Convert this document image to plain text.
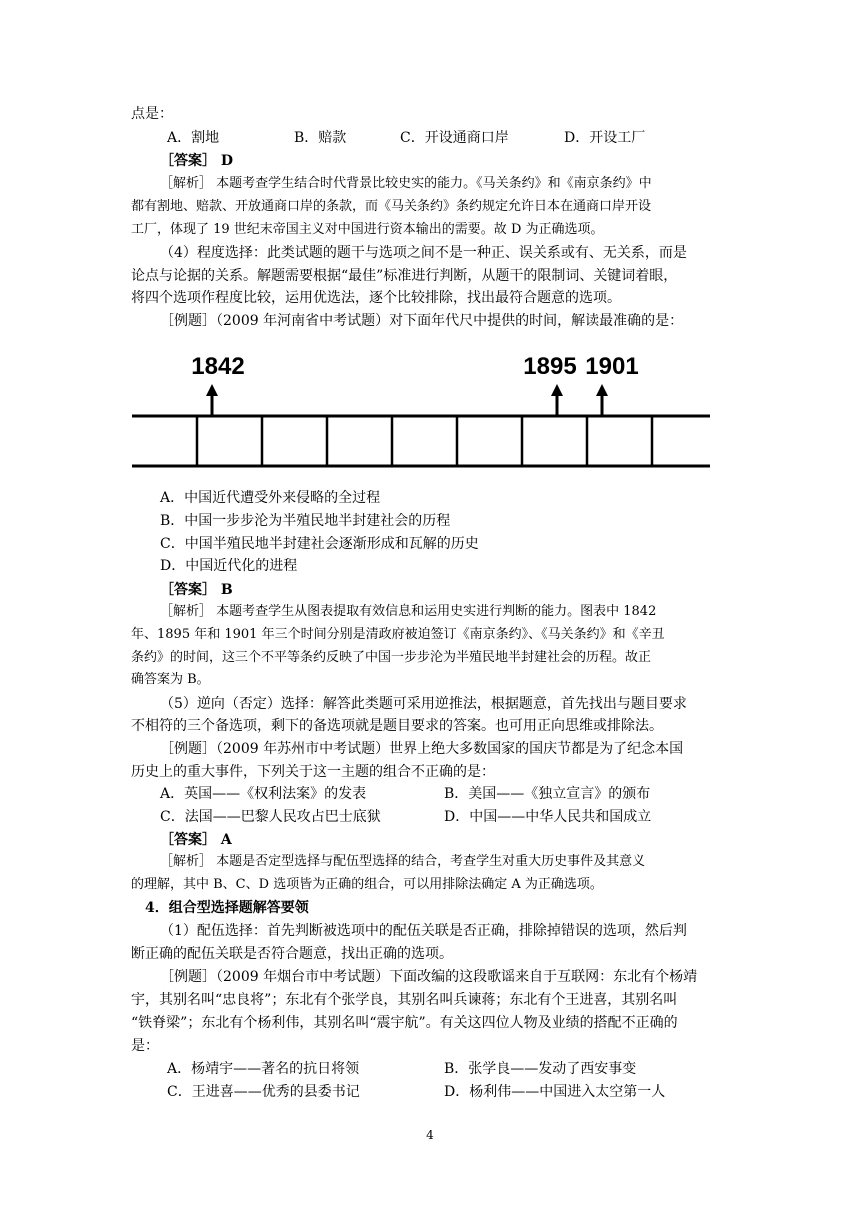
点是：
A．割地	B．赔款	C．开设通商口岸	D．开设工厂
［答案］ D
［解析］ 本题考查学生结合时代背景比较史实的能力。《马关条约》和《南京条约》中
都有割地、赔款、开放通商口岸的条款，而《马关条约》条约规定允许日本在通商口岸开设
工厂，体现了 19 世纪末帝国主义对中国进行资本输出的需要。故 D 为正确选项。
（4）程度选择：此类试题的题干与选项之间不是一种正、误关系或有、无关系，而是
论点与论据的关系。解题需要根据“最佳”标准进行判断，从题干的限制词、关键词着眼，
将四个选项作程度比较，运用优选法，逐个比较排除，找出最符合题意的选项。
［例题］（2009 年河南省中考试题）对下面年代尺中提供的时间，解读最准确的是：
1842	1895 1901
A．中国近代遭受外来侵略的全过程
B．中国一步步沦为半殖民地半封建社会的历程
C．中国半殖民地半封建社会逐渐形成和瓦解的历史
D．中国近代化的进程
［答案］ B
［解析］ 本题考查学生从图表提取有效信息和运用史实进行判断的能力。图表中 1842
年、1895 年和 1901 年三个时间分别是清政府被迫签订《南京条约》、《马关条约》和《辛丑
条约》的时间，这三个不平等条约反映了中国一步步沦为半殖民地半封建社会的历程。故正
确答案为 B。
（5）逆向（否定）选择：解答此类题可采用逆推法，根据题意，首先找出与题目要求
不相符的三个备选项，剩下的备选项就是题目要求的答案。也可用正向思维或排除法。
［例题］（2009 年苏州市中考试题）世界上绝大多数国家的国庆节都是为了纪念本国
历史上的重大事件，下列关于这一主题的组合不正确的是：
A．英国——《权利法案》的发表	B．美国——《独立宣言》的颁布
C．法国——巴黎人民攻占巴士底狱	D．中国——中华人民共和国成立
［答案］ A
［解析］ 本题是否定型选择与配伍型选择的结合，考查学生对重大历史事件及其意义
的理解，其中 B、C、D 选项皆为正确的组合，可以用排除法确定 A 为正确选项。
4．组合型选择题解答要领
（1）配伍选择：首先判断被选项中的配伍关联是否正确，排除掉错误的选项，然后判
断正确的配伍关联是否符合题意，找出正确的选项。
［例题］（2009 年烟台市中考试题）下面改编的这段歌谣来自于互联网：东北有个杨靖
宇，其别名叫“忠良将”；东北有个张学良，其别名叫兵谏蒋；东北有个王进喜，其别名叫
“铁脊梁”；东北有个杨利伟，其别名叫“震宇航”。有关这四位人物及业绩的搭配不正确的
是：
A．杨靖宇——著名的抗日将领	B．张学良——发动了西安事变
C．王进喜——优秀的县委书记	D．杨利伟——中国进入太空第一人
4
